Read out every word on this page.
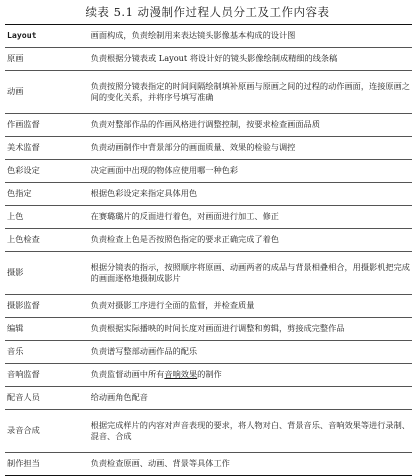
续表 5.1 动漫制作过程人员分工及工作内容表

Layout	画面构成，负责绘制用来表达镜头影像基本构成的设计图
原画	负责根据分镜表或 Layout 将设计好的镜头影像绘制成精细的线条稿
动画	负责按照分镜表指定的时间间隔绘制填补原画与原画之间的过程的动作画面，连接原画之间的变化关系，并将序号填写准确
作画监督	负责对整部作品的作画风格进行调整控制，按要求检查画面品质
美术监督	负责动画制作中背景部分的画面质量、效果的检验与调控
色彩设定	决定画面中出现的物体应使用哪一种色彩
色指定	根据色彩设定来指定具体用色
上色	在赛璐璐片的反面进行着色，对画面进行加工、修正
上色检查	负责检查上色是否按照色指定的要求正确完成了着色
摄影	根据分镜表的指示，按照顺序将原画、动画两者的成品与背景相叠相合，用摄影机把完成的画面逐格地摄制成影片
摄影监督	负责对摄影工序进行全面的监督，并检查质量
编辑	负责根据实际播映的时间长度对画面进行调整和剪辑，剪接成完整作品
音乐	负责谱写整部动画作品的配乐
音响监督	负责监督动画中所有音响效果的制作
配音人员	给动画角色配音
录音合成	根据完成样片的内容对声音表现的要求，将人物对白、背景音乐、音响效果等进行录制、混音、合成
制作担当	负责检查原画、动画、背景等具体工作
